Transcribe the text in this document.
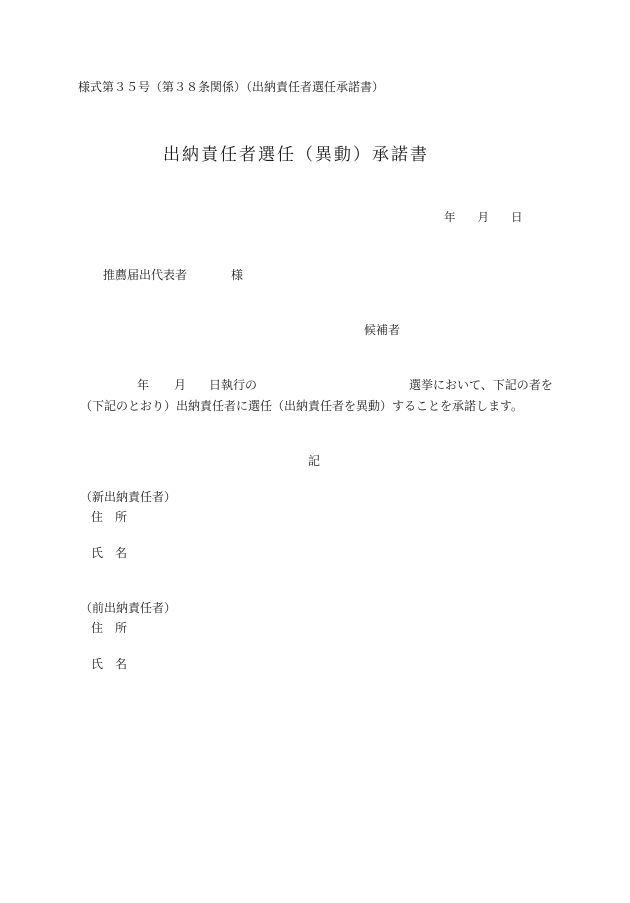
様式第３５号（第３８条関係）（出納責任者選任承諾書）
出納責任者選任（異動）承諾書
年 月 日
推薦届出代表者	様
候補者
年 月 日執行の	選挙において、下記の者を
（下記のとおり）出納責任者に選任（出納責任者を異動）することを承諾します。
記
（新出納責任者）
住 所
氏 名
（前出納責任者）
住 所
氏 名
